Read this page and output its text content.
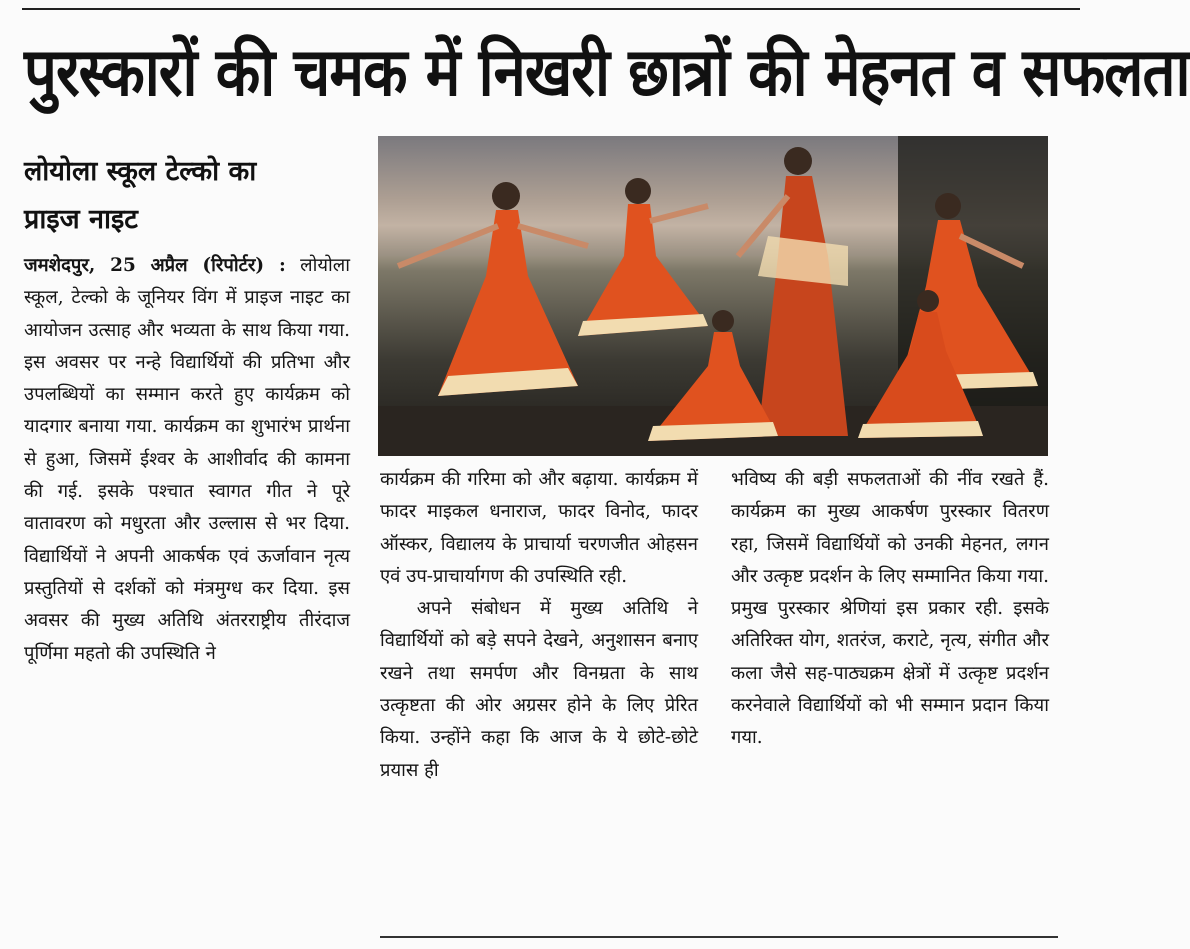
पुरस्कारों की चमक में निखरी छात्रों की मेहनत व सफलता
लोयोला स्कूल टेल्को का
प्राइज नाइट

जमशेदपुर, 25 अप्रैल (रिपोर्टर) : लोयोला स्कूल, टेल्को के जूनियर विंग में प्राइज नाइट का आयोजन उत्साह और भव्यता के साथ किया गया. इस अवसर पर नन्हे विद्यार्थियों की प्रतिभा और उपलब्धियों का सम्मान करते हुए कार्यक्रम को यादगार बनाया गया. कार्यक्रम का शुभारंभ प्रार्थना से हुआ, जिसमें ईश्वर के आशीर्वाद की कामना की गई. इसके पश्चात स्वागत गीत ने पूरे वातावरण को मधुरता और उल्लास से भर दिया. विद्यार्थियों ने अपनी आकर्षक एवं ऊर्जावान नृत्य प्रस्तुतियों से दर्शकों को मंत्रमुग्ध कर दिया. इस अवसर की मुख्य अतिथि अंतरराष्ट्रीय तीरंदाज पूर्णिमा महतो की उपस्थिति ने

कार्यक्रम की गरिमा को और बढ़ाया. कार्यक्रम में फादर माइकल धनाराज, फादर विनोद, फादर ऑस्कर, विद्यालय के प्राचार्या चरणजीत ओहसन एवं उप-प्राचार्यागण की उपस्थिति रही.

अपने संबोधन में मुख्य अतिथि ने विद्यार्थियों को बड़े सपने देखने, अनुशासन बनाए रखने तथा समर्पण और विनम्रता के साथ उत्कृष्टता की ओर अग्रसर होने के लिए प्रेरित किया. उन्होंने कहा कि आज के ये छोटे-छोटे प्रयास ही

भविष्य की बड़ी सफलताओं की नींव रखते हैं. कार्यक्रम का मुख्य आकर्षण पुरस्कार वितरण रहा, जिसमें विद्यार्थियों को उनकी मेहनत, लगन और उत्कृष्ट प्रदर्शन के लिए सम्मानित किया गया. प्रमुख पुरस्कार श्रेणियां इस प्रकार रही. इसके अतिरिक्त योग, शतरंज, कराटे, नृत्य, संगीत और कला जैसे सह-पाठ्यक्रम क्षेत्रों में उत्कृष्ट प्रदर्शन करनेवाले विद्यार्थियों को भी सम्मान प्रदान किया गया.
